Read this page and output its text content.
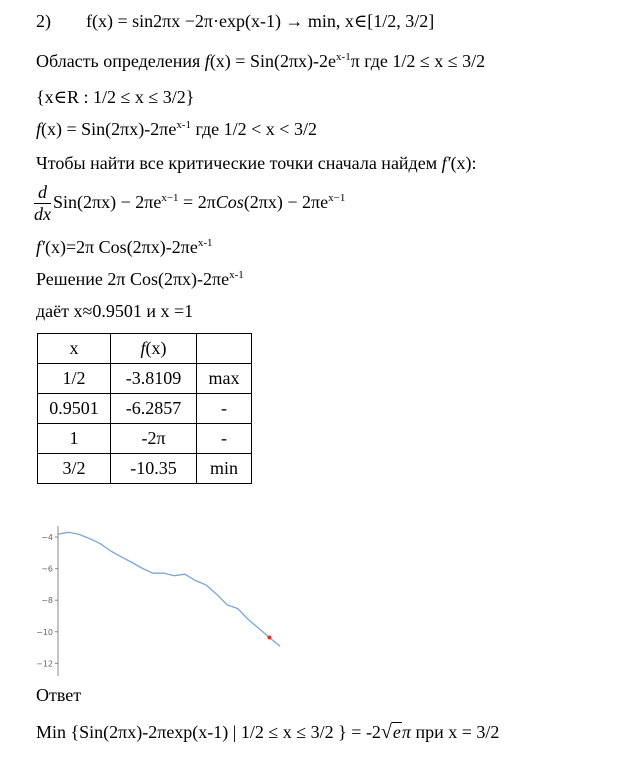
2) f(x) = sin2πx −2π·exp(x-1) → min, x∈[1/2, 3/2]
Область определения $f(x) = Sin(2\pi x)-2e^{x-1}\pi$ где 1/2 ≤ x ≤ 3/2
{x∈R : 1/2 ≤ x ≤ 3/2}
$f(x) = Sin(2\pi x)-2\pi e^{x-1}$ где 1/2 < x < 3/2
Чтобы найти все критические точки сначала найдем f′(x):
$\frac{d}{dx} Sin(2\pi x) - 2\pi e^{x-1} = 2\pi Cos(2\pi x) - 2\pi e^{x-1}$
f′(x)=2π $Cos(2\pi x)-2\pi e^{x-1}$
Решение 2π $Cos(2\pi x)-2\pi e^{x-1}$
даёт x≈0.9501 и x =1
x	f(x)	
1/2	-3.8109	max
0.9501	-6.2857	-
1	-2π	-
3/2	-10.35	min
−4
−6
−8
−10
−12
Ответ
Min {Sin(2πx)-2πexp(x-1) | 1/2 ≤ x ≤ 3/2 } = -2√eπ при x = 3/2
